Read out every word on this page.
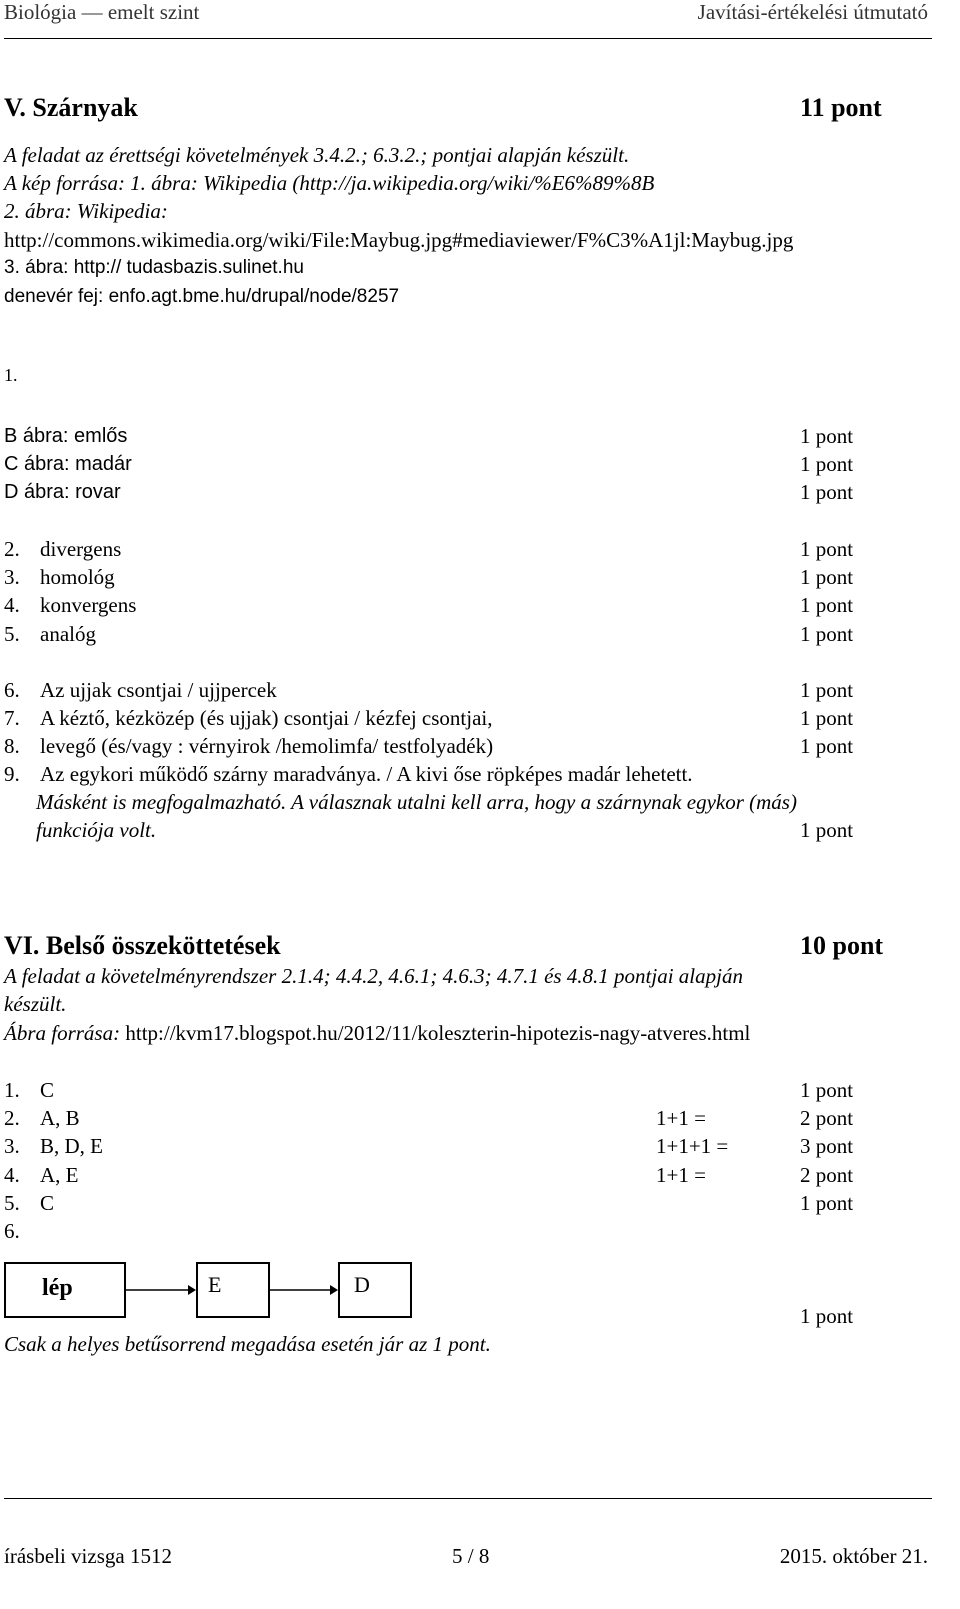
Biológia — emelt szint	Javítási-értékelési útmutató
V. Szárnyak	11 pont
A feladat az érettségi követelmények 3.4.2.; 6.3.2.; pontjai alapján készült.
A kép forrása: 1. ábra: Wikipedia (http://ja.wikipedia.org/wiki/%E6%89%8B
2. ábra: Wikipedia:
http://commons.wikimedia.org/wiki/File:Maybug.jpg#mediaviewer/F%C3%A1jl:Maybug.jpg
3. ábra: http:// tudasbazis.sulinet.hu
denevér fej: enfo.agt.bme.hu/drupal/node/8257
1.
B ábra: emlős	1 pont
C ábra: madár	1 pont
D ábra: rovar	1 pont
2. divergens	1 pont
3. homológ	1 pont
4. konvergens	1 pont
5. analóg	1 pont
6. Az ujjak csontjai / ujjpercek	1 pont
7. A kéztő, kézközép (és ujjak) csontjai / kézfej csontjai,	1 pont
8. levegő (és/vagy : vérnyirok /hemolimfa/ testfolyadék)	1 pont
9. Az egykori működő szárny maradványa. / A kivi őse röpképes madár lehetett.
Másként is megfogalmazható. A válasznak utalni kell arra, hogy a szárnynak egykor (más)
funkciója volt.	1 pont
VI. Belső összeköttetések	10 pont
A feladat a követelményrendszer 2.1.4; 4.4.2, 4.6.1; 4.6.3; 4.7.1 és 4.8.1 pontjai alapján
készült.
Ábra forrása: http://kvm17.blogspot.hu/2012/11/koleszterin-hipotezis-nagy-atveres.html
1. C	1 pont
2. A, B	1+1 =	2 pont
3. B, D, E	1+1+1 =	3 pont
4. A, E	1+1 =	2 pont
5. C	1 pont
6.
lép	E	D
1 pont
Csak a helyes betűsorrend megadása esetén jár az 1 pont.
írásbeli vizsga 1512	5 / 8	2015. október 21.
